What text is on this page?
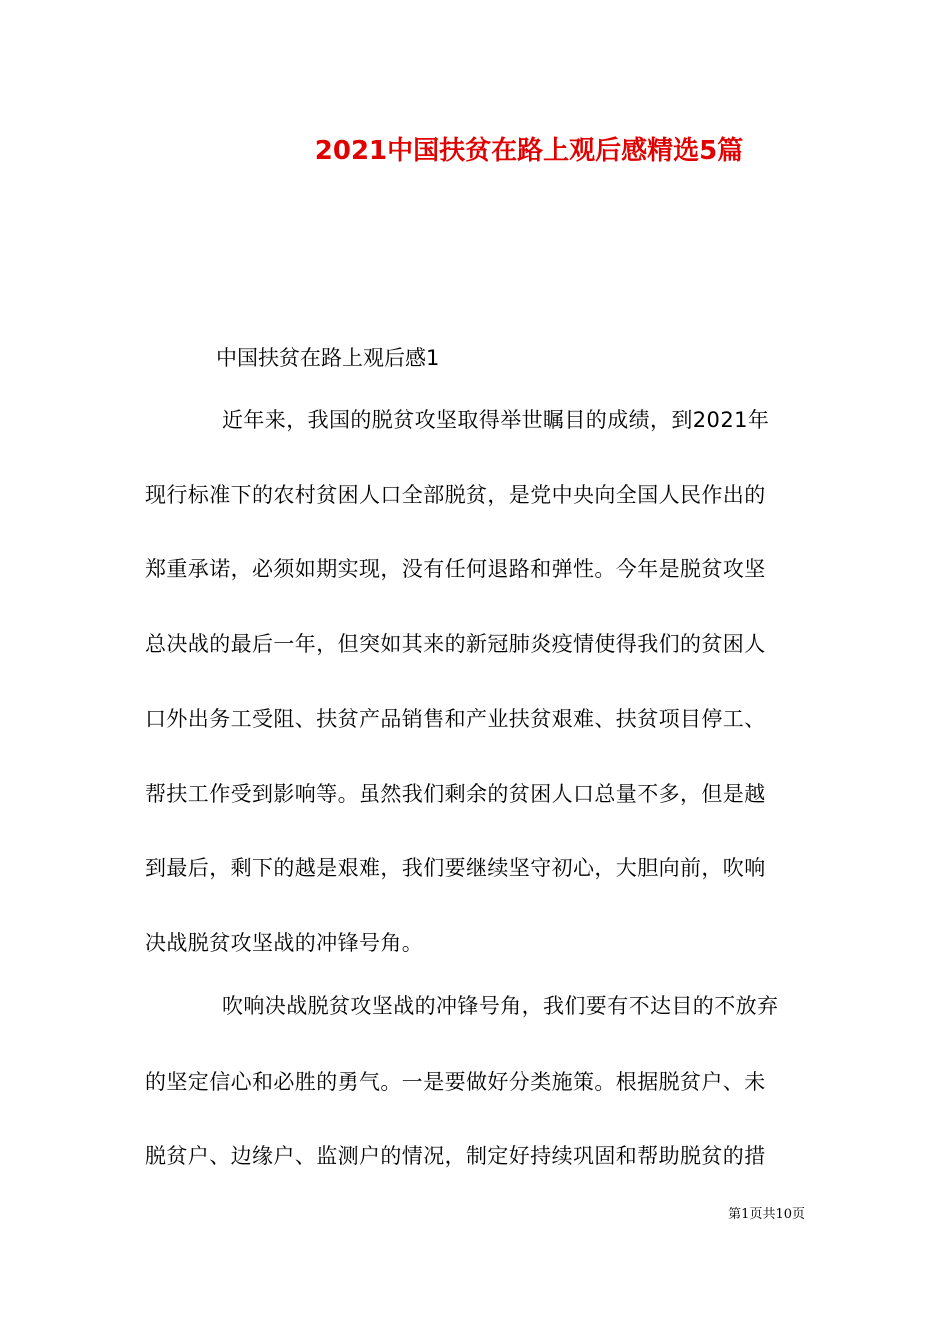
2021中国扶贫在路上观后感精选5篇
中国扶贫在路上观后感1
近年来，我国的脱贫攻坚取得举世瞩目的成绩，到2021年
现行标准下的农村贫困人口全部脱贫，是党中央向全国人民作出的
郑重承诺，必须如期实现，没有任何退路和弹性。今年是脱贫攻坚
总决战的最后一年，但突如其来的新冠肺炎疫情使得我们的贫困人
口外出务工受阻、扶贫产品销售和产业扶贫艰难、扶贫项目停工、
帮扶工作受到影响等。虽然我们剩余的贫困人口总量不多，但是越
到最后，剩下的越是艰难，我们要继续坚守初心，大胆向前，吹响
决战脱贫攻坚战的冲锋号角。
吹响决战脱贫攻坚战的冲锋号角，我们要有不达目的不放弃
的坚定信心和必胜的勇气。一是要做好分类施策。根据脱贫户、未
脱贫户、边缘户、监测户的情况，制定好持续巩固和帮助脱贫的措
第1页共10页
